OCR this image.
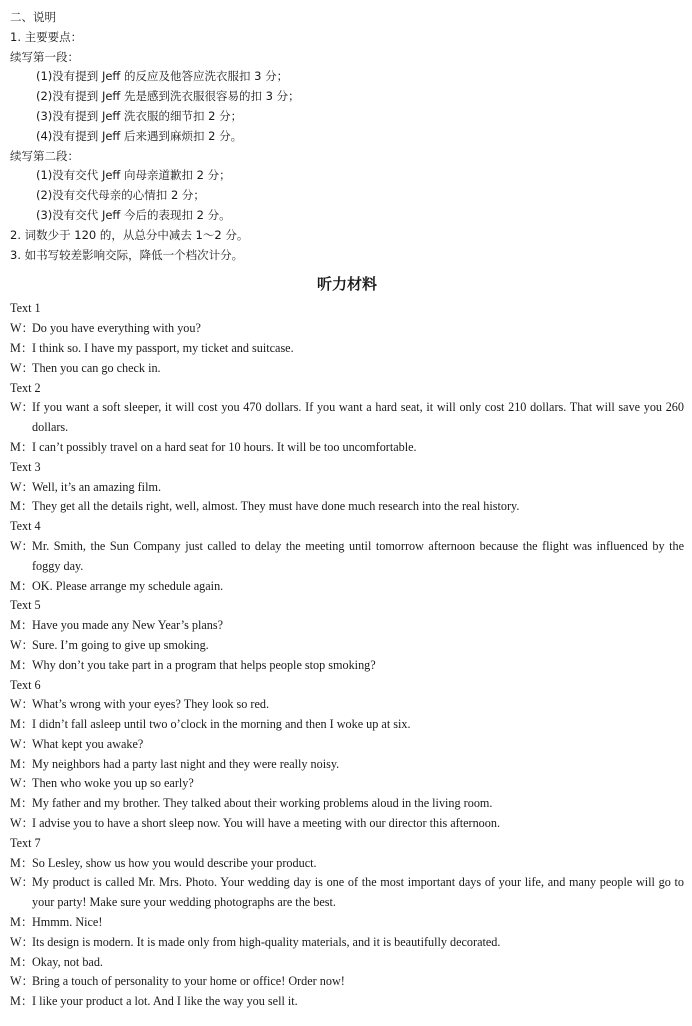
二、说明
1. 主要要点：
续写第一段：
(1)没有提到 Jeff 的反应及他答应洗衣服扣 3 分；
(2)没有提到 Jeff 先是感到洗衣服很容易的扣 3 分；
(3)没有提到 Jeff 洗衣服的细节扣 2 分；
(4)没有提到 Jeff 后来遇到麻烦扣 2 分。
续写第二段：
(1)没有交代 Jeff 向母亲道歉扣 2 分；
(2)没有交代母亲的心情扣 2 分；
(3)没有交代 Jeff 今后的表现扣 2 分。
2. 词数少于 120 的，从总分中减去 1～2 分。
3. 如书写较差影响交际，降低一个档次计分。
听力材料
Text 1
W：
Do you have everything with you?
M：
I think so. I have my passport, my ticket and suitcase.
W：
Then you can go check in.
Text 2
W：
If you want a soft sleeper, it will cost you 470 dollars. If you want a hard seat, it will only cost 210 dollars. That will save you 260 dollars.
M：
I can’t possibly travel on a hard seat for 10 hours. It will be too uncomfortable.
Text 3
W：
Well, it’s an amazing film.
M：
They get all the details right, well, almost. They must have done much research into the real history.
Text 4
W：
Mr. Smith, the Sun Company just called to delay the meeting until tomorrow afternoon because the flight was influenced by the foggy day.
M：
OK. Please arrange my schedule again.
Text 5
M：
Have you made any New Year’s plans?
W：
Sure. I’m going to give up smoking.
M：
Why don’t you take part in a program that helps people stop smoking?
Text 6
W：
What’s wrong with your eyes? They look so red.
M：
I didn’t fall asleep until two o’clock in the morning and then I woke up at six.
W：
What kept you awake?
M：
My neighbors had a party last night and they were really noisy.
W：
Then who woke you up so early?
M：
My father and my brother. They talked about their working problems aloud in the living room.
W：
I advise you to have a short sleep now. You will have a meeting with our director this afternoon.
Text 7
M：
So Lesley, show us how you would describe your product.
W：
My product is called Mr. Mrs. Photo. Your wedding day is one of the most important days of your life, and many people will go to your party! Make sure your wedding photographs are the best.
M：
Hmmm. Nice!
W：
Its design is modern. It is made only from high-quality materials, and it is beautifully decorated.
M：
Okay, not bad.
W：
Bring a touch of personality to your home or office! Order now!
M：
I like your product a lot. And I like the way you sell it.
